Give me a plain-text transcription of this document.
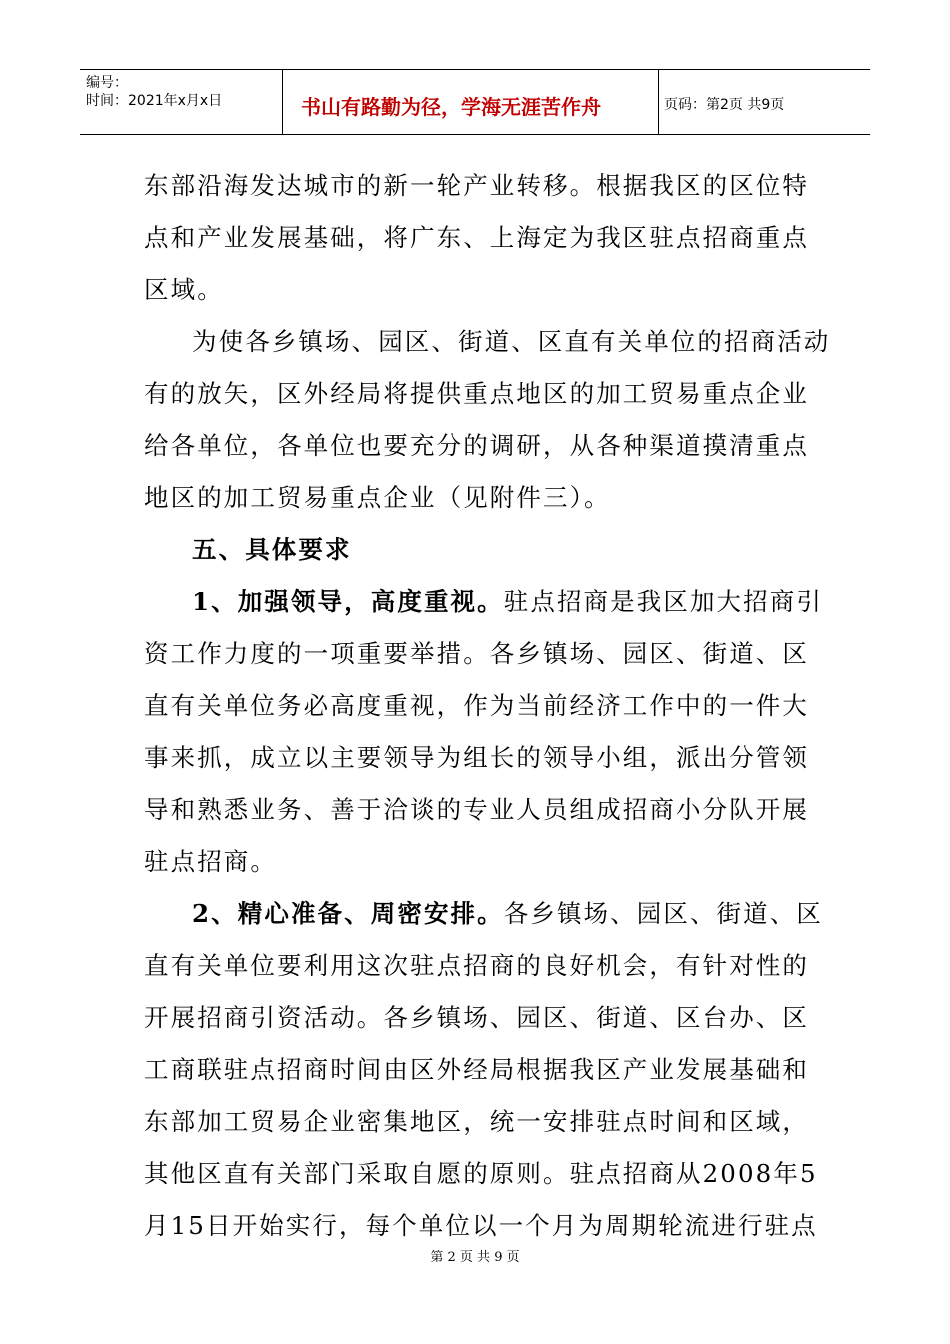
编号：
时间：2021年x月x日	书山有路勤为径，学海无涯苦作舟	页码：第2页 共9页
东部沿海发达城市的新一轮产业转移。根据我区的区位特
点和产业发展基础，将广东、上海定为我区驻点招商重点
区域。
为使各乡镇场、园区、街道、区直有关单位的招商活动
有的放矢，区外经局将提供重点地区的加工贸易重点企业
给各单位，各单位也要充分的调研，从各种渠道摸清重点
地区的加工贸易重点企业（见附件三）。
五、具体要求
1、加强领导，高度重视。驻点招商是我区加大招商引
资工作力度的一项重要举措。各乡镇场、园区、街道、区
直有关单位务必高度重视，作为当前经济工作中的一件大
事来抓，成立以主要领导为组长的领导小组，派出分管领
导和熟悉业务、善于洽谈的专业人员组成招商小分队开展
驻点招商。
2、精心准备、周密安排。各乡镇场、园区、街道、区
直有关单位要利用这次驻点招商的良好机会，有针对性的
开展招商引资活动。各乡镇场、园区、街道、区台办、区
工商联驻点招商时间由区外经局根据我区产业发展基础和
东部加工贸易企业密集地区，统一安排驻点时间和区域，
其他区直有关部门采取自愿的原则。驻点招商从2008年5
月15日开始实行，每个单位以一个月为周期轮流进行驻点
第 2 页 共 9 页
